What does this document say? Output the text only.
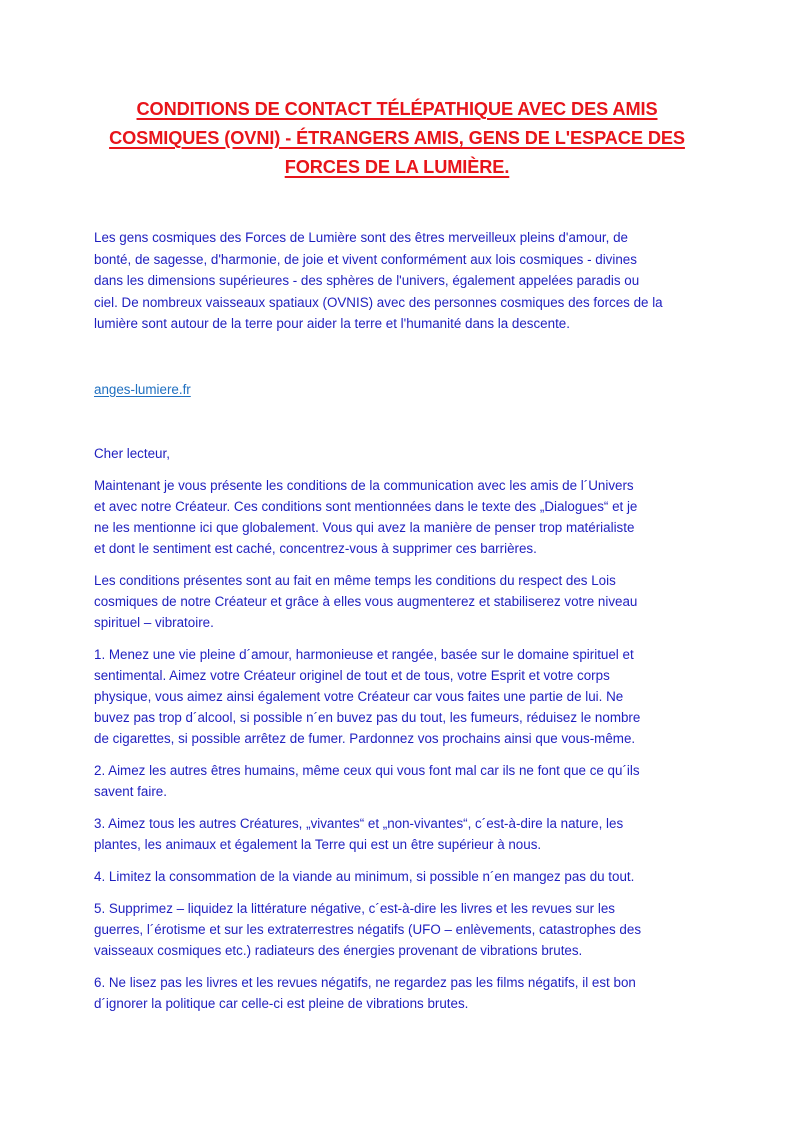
CONDITIONS DE CONTACT TÉLÉPATHIQUE AVEC DES AMIS
COSMIQUES (OVNI) - ÉTRANGERS AMIS, GENS DE L'ESPACE DES
FORCES DE LA LUMIÈRE.
Les gens cosmiques des Forces de Lumière sont des êtres merveilleux pleins d'amour, de
bonté, de sagesse, d'harmonie, de joie et vivent conformément aux lois cosmiques - divines
dans les dimensions supérieures - des sphères de l'univers, également appelées paradis ou
ciel. De nombreux vaisseaux spatiaux (OVNIS) avec des personnes cosmiques des forces de la
lumière sont autour de la terre pour aider la terre et l'humanité dans la descente.
anges-lumiere.fr
Cher lecteur,
Maintenant je vous présente les conditions de la communication avec les amis de l´Univers
et avec notre Créateur. Ces conditions sont mentionnées dans le texte des „Dialogues“ et je
ne les mentionne ici que globalement. Vous qui avez la manière de penser trop matérialiste
et dont le sentiment est caché, concentrez-vous à supprimer ces barrières.
Les conditions présentes sont au fait en même temps les conditions du respect des Lois
cosmiques de notre Créateur et grâce à elles vous augmenterez et stabiliserez votre niveau
spirituel – vibratoire.
1. Menez une vie pleine d´amour, harmonieuse et rangée, basée sur le domaine spirituel et
sentimental. Aimez votre Créateur originel de tout et de tous, votre Esprit et votre corps
physique, vous aimez ainsi également votre Créateur car vous faites une partie de lui. Ne
buvez pas trop d´alcool, si possible n´en buvez pas du tout, les fumeurs, réduisez le nombre
de cigarettes, si possible arrêtez de fumer. Pardonnez vos prochains ainsi que vous-même.
2. Aimez les autres êtres humains, même ceux qui vous font mal car ils ne font que ce qu´ils
savent faire.
3. Aimez tous les autres Créatures, „vivantes“ et „non-vivantes“, c´est-à-dire la nature, les
plantes, les animaux et également la Terre qui est un être supérieur à nous.
4. Limitez la consommation de la viande au minimum, si possible n´en mangez pas du tout.
5. Supprimez – liquidez la littérature négative, c´est-à-dire les livres et les revues sur les
guerres, l´érotisme et sur les extraterrestres négatifs (UFO – enlèvements, catastrophes des
vaisseaux cosmiques etc.) radiateurs des énergies provenant de vibrations brutes.
6. Ne lisez pas les livres et les revues négatifs, ne regardez pas les films négatifs, il est bon
d´ignorer la politique car celle-ci est pleine de vibrations brutes.
